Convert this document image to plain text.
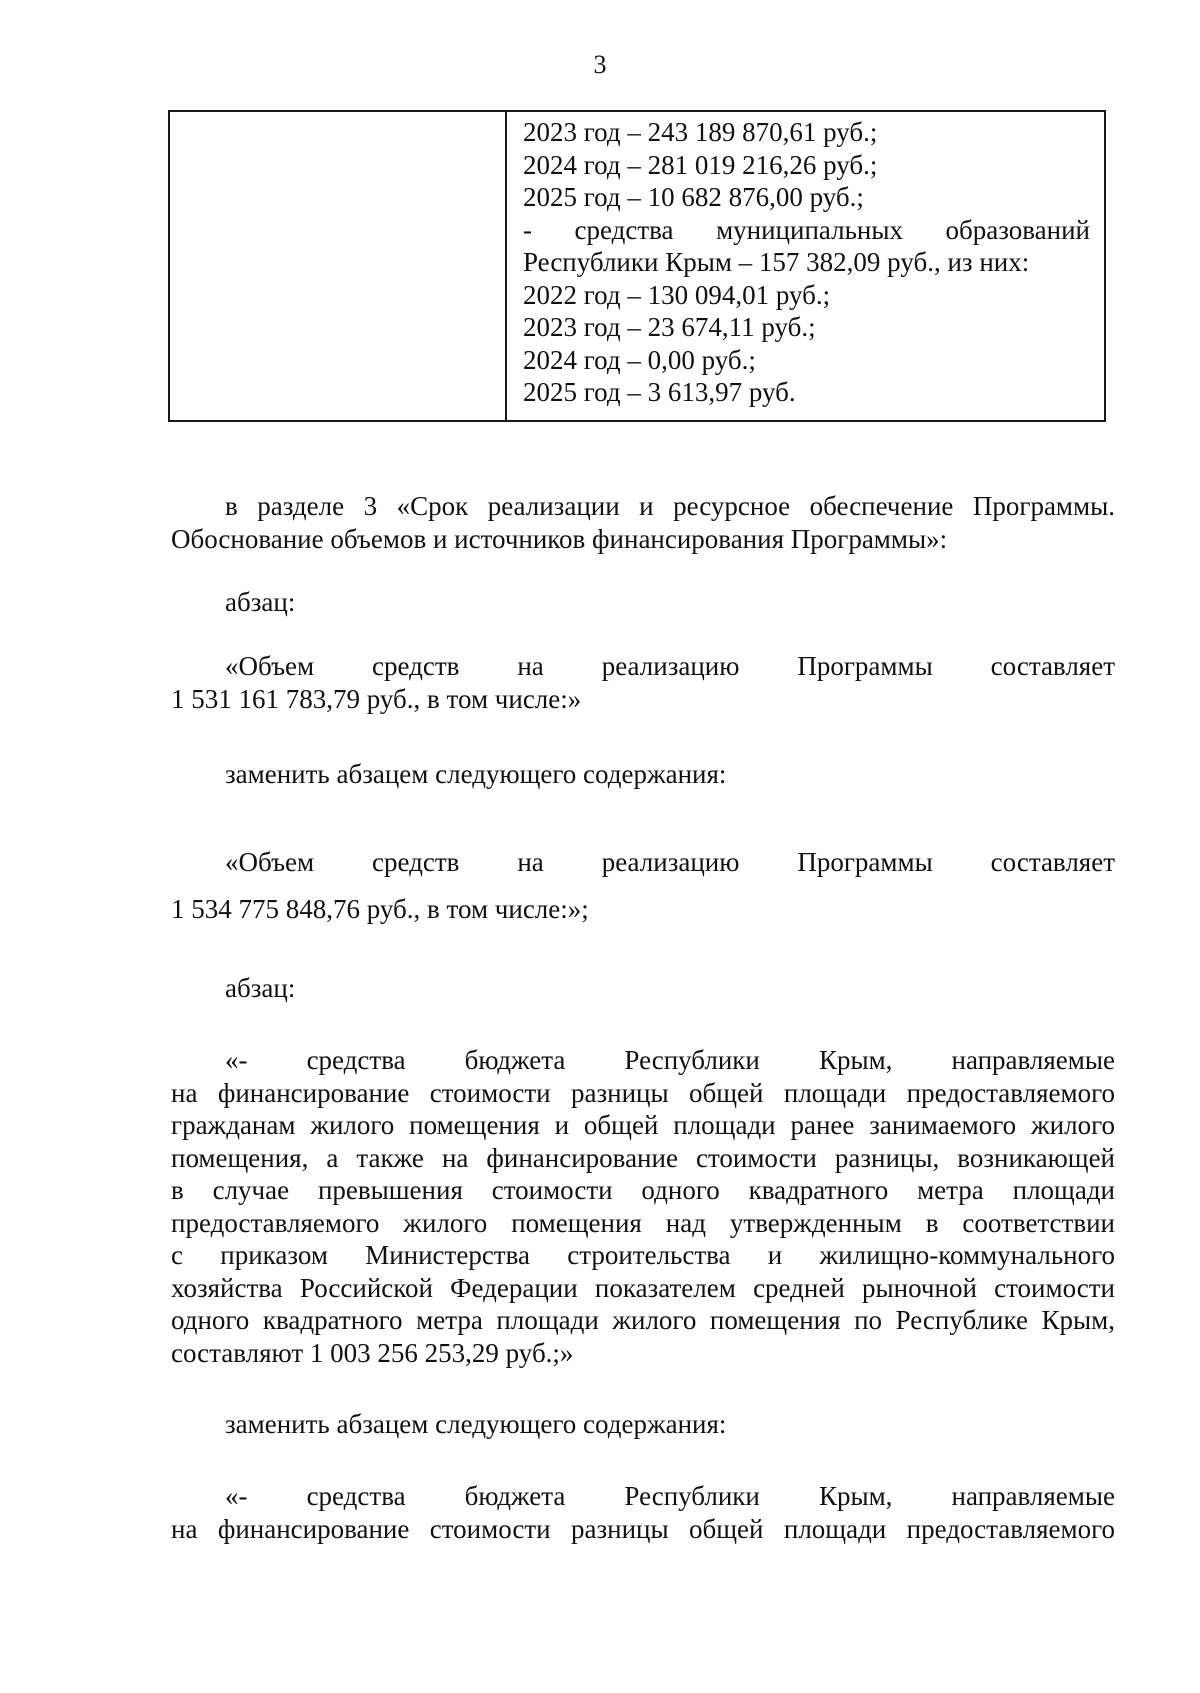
3
2023 год – 243 189 870,61 руб.;
2024 год – 281 019 216,26 руб.;
2025 год – 10 682 876,00 руб.;
- средства муниципальных образований
Республики Крым – 157 382,09 руб., из них:
2022 год – 130 094,01 руб.;
2023 год – 23 674,11 руб.;
2024 год – 0,00 руб.;
2025 год – 3 613,97 руб.
в разделе 3 «Срок реализации и ресурсное обеспечение Программы.
Обоснование объемов и источников финансирования Программы»:
абзац:
«Объем средств на реализацию Программы составляет
1 531 161 783,79 руб., в том числе:»
заменить абзацем следующего содержания:
«Объем средств на реализацию Программы составляет
1 534 775 848,76 руб., в том числе:»;
абзац:
«- средства бюджета Республики Крым, направляемые
на финансирование стоимости разницы общей площади предоставляемого
гражданам жилого помещения и общей площади ранее занимаемого жилого
помещения, а также на финансирование стоимости разницы, возникающей
в случае превышения стоимости одного квадратного метра площади
предоставляемого жилого помещения над утвержденным в соответствии
с приказом Министерства строительства и жилищно-коммунального
хозяйства Российской Федерации показателем средней рыночной стоимости
одного квадратного метра площади жилого помещения по Республике Крым,
составляют 1 003 256 253,29 руб.;»
заменить абзацем следующего содержания:
«- средства бюджета Республики Крым, направляемые
на финансирование стоимости разницы общей площади предоставляемого
